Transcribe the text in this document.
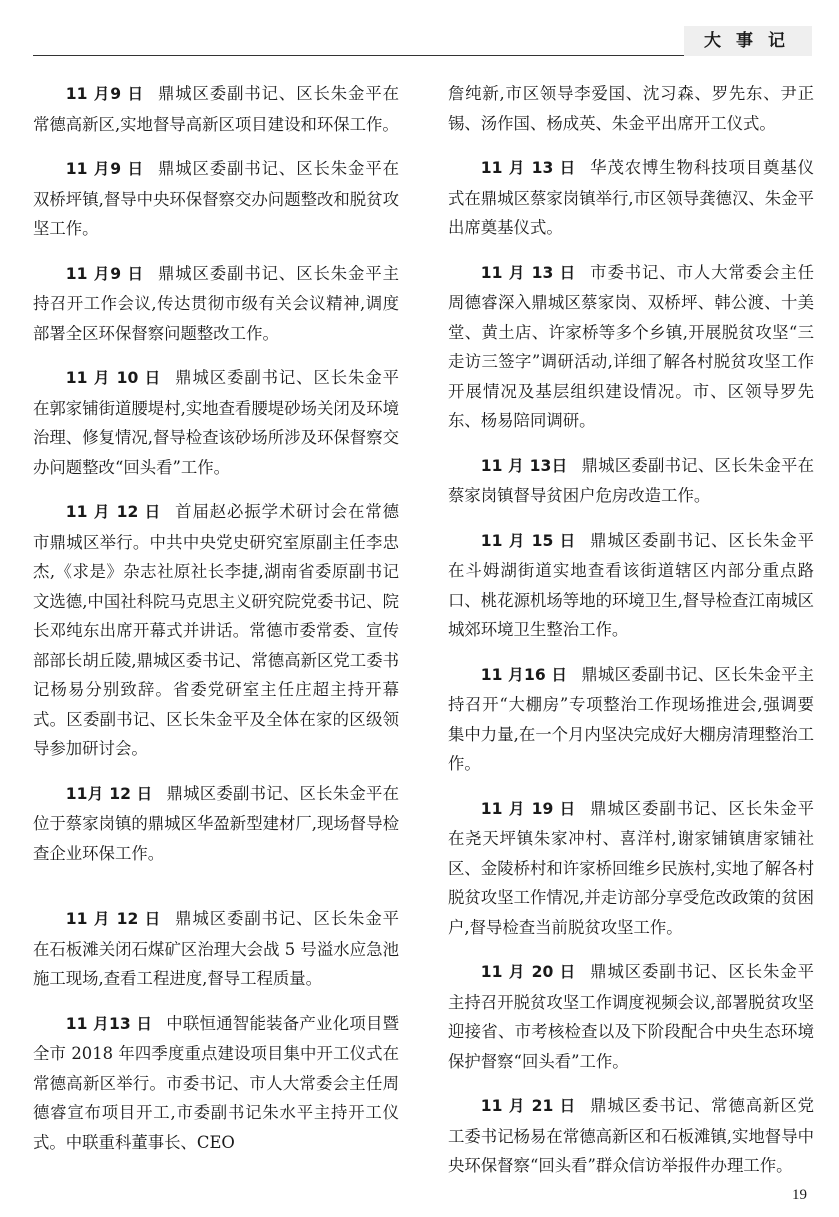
大事记

11 月9 日 鼎城区委副书记、区长朱金平在常德高新区,实地督导高新区项目建设和环保工作。

11 月9 日 鼎城区委副书记、区长朱金平在双桥坪镇,督导中央环保督察交办问题整改和脱贫攻坚工作。

11 月9 日 鼎城区委副书记、区长朱金平主持召开工作会议,传达贯彻市级有关会议精神,调度部署全区环保督察问题整改工作。

11 月 10 日 鼎城区委副书记、区长朱金平在郭家铺街道腰堤村,实地查看腰堤砂场关闭及环境治理、修复情况,督导检查该砂场所涉及环保督察交办问题整改“回头看”工作。

11 月 12 日 首届赵必振学术研讨会在常德市鼎城区举行。中共中央党史研究室原副主任李忠杰,《求是》杂志社原社长李捷,湖南省委原副书记文选德,中国社科院马克思主义研究院党委书记、院长邓纯东出席开幕式并讲话。常德市委常委、宣传部部长胡丘陵,鼎城区委书记、常德高新区党工委书记杨易分别致辞。省委党研室主任庄超主持开幕式。区委副书记、区长朱金平及全体在家的区级领导参加研讨会。

11月 12 日 鼎城区委副书记、区长朱金平在位于蔡家岗镇的鼎城区华盈新型建材厂,现场督导检查企业环保工作。

11 月 12 日 鼎城区委副书记、区长朱金平在石板滩关闭石煤矿区治理大会战 5 号溢水应急池施工现场,查看工程进度,督导工程质量。

11 月13 日 中联恒通智能装备产业化项目暨全市 2018 年四季度重点建设项目集中开工仪式在常德高新区举行。市委书记、市人大常委会主任周德睿宣布项目开工,市委副书记朱水平主持开工仪式。中联重科董事长、CEO

詹纯新,市区领导李爱国、沈习森、罗先东、尹正锡、汤作国、杨成英、朱金平出席开工仪式。

11 月 13 日 华茂农博生物科技项目奠基仪式在鼎城区蔡家岗镇举行,市区领导龚德汉、朱金平出席奠基仪式。

11 月 13 日 市委书记、市人大常委会主任周德睿深入鼎城区蔡家岗、双桥坪、韩公渡、十美堂、黄土店、许家桥等多个乡镇,开展脱贫攻坚“三走访三签字”调研活动,详细了解各村脱贫攻坚工作开展情况及基层组织建设情况。市、区领导罗先东、杨易陪同调研。

11 月 13日 鼎城区委副书记、区长朱金平在蔡家岗镇督导贫困户危房改造工作。

11 月 15 日 鼎城区委副书记、区长朱金平在斗姆湖街道实地查看该街道辖区内部分重点路口、桃花源机场等地的环境卫生,督导检查江南城区城郊环境卫生整治工作。

11 月16 日 鼎城区委副书记、区长朱金平主持召开“大棚房”专项整治工作现场推进会,强调要集中力量,在一个月内坚决完成好大棚房清理整治工作。

11 月 19 日 鼎城区委副书记、区长朱金平在尧天坪镇朱家冲村、喜洋村,谢家铺镇唐家铺社区、金陵桥村和许家桥回维乡民族村,实地了解各村脱贫攻坚工作情况,并走访部分享受危改政策的贫困户,督导检查当前脱贫攻坚工作。

11 月 20 日 鼎城区委副书记、区长朱金平主持召开脱贫攻坚工作调度视频会议,部署脱贫攻坚迎接省、市考核检查以及下阶段配合中央生态环境保护督察“回头看”工作。

11 月 21 日 鼎城区委书记、常德高新区党工委书记杨易在常德高新区和石板滩镇,实地督导中央环保督察“回头看”群众信访举报件办理工作。

19
